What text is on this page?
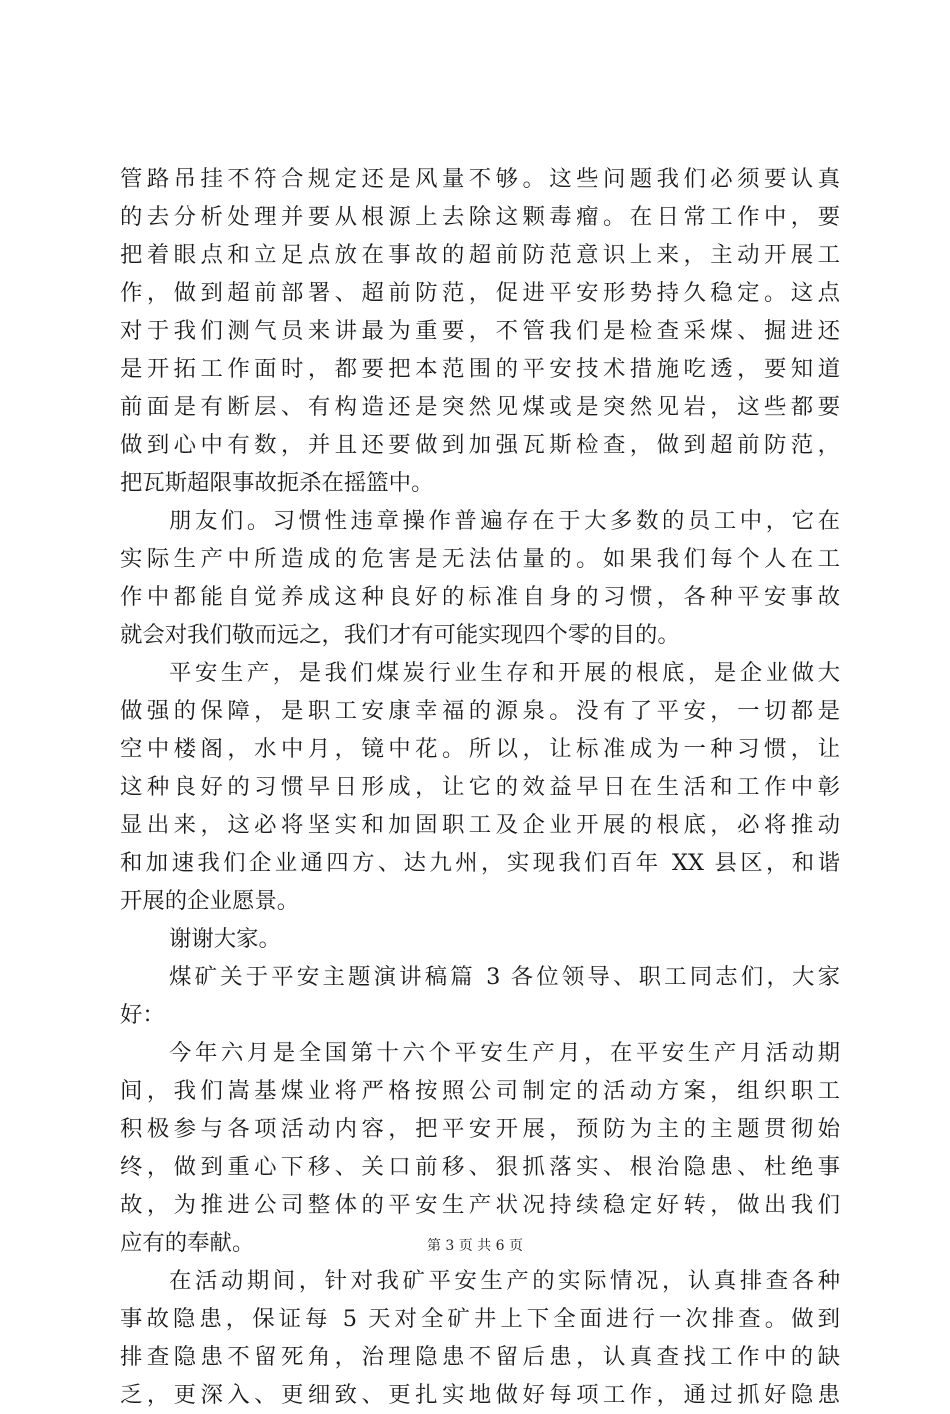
管路吊挂不符合规定还是风量不够。这些问题我们必须要认真
的去分析处理并要从根源上去除这颗毒瘤。在日常工作中，要
把着眼点和立足点放在事故的超前防范意识上来，主动开展工
作，做到超前部署、超前防范，促进平安形势持久稳定。这点
对于我们测气员来讲最为重要，不管我们是检查采煤、掘进还
是开拓工作面时，都要把本范围的平安技术措施吃透，要知道
前面是有断层、有构造还是突然见煤或是突然见岩，这些都要
做到心中有数，并且还要做到加强瓦斯检查，做到超前防范，
把瓦斯超限事故扼杀在摇篮中。
朋友们。习惯性违章操作普遍存在于大多数的员工中，它在
实际生产中所造成的危害是无法估量的。如果我们每个人在工
作中都能自觉养成这种良好的标准自身的习惯，各种平安事故
就会对我们敬而远之，我们才有可能实现四个零的目的。
平安生产，是我们煤炭行业生存和开展的根底，是企业做大
做强的保障，是职工安康幸福的源泉。没有了平安，一切都是
空中楼阁，水中月，镜中花。所以，让标准成为一种习惯，让
这种良好的习惯早日形成，让它的效益早日在生活和工作中彰
显出来，这必将坚实和加固职工及企业开展的根底，必将推动
和加速我们企业通四方、达九州，实现我们百年 XX 县区，和谐
开展的企业愿景。
谢谢大家。
煤矿关于平安主题演讲稿篇 3 各位领导、职工同志们，大家
好：
今年六月是全国第十六个平安生产月，在平安生产月活动期
间，我们嵩基煤业将严格按照公司制定的活动方案，组织职工
积极参与各项活动内容，把平安开展，预防为主的主题贯彻始
终，做到重心下移、关口前移、狠抓落实、根治隐患、杜绝事
故，为推进公司整体的平安生产状况持续稳定好转，做出我们
应有的奉献。
在活动期间，针对我矿平安生产的实际情况，认真排查各种
事故隐患，保证每 5 天对全矿井上下全面进行一次排查。做到
排查隐患不留死角，治理隐患不留后患，认真查找工作中的缺
乏，更深入、更细致、更扎实地做好每项工作，通过抓好隐患
第 3 页 共 6 页
